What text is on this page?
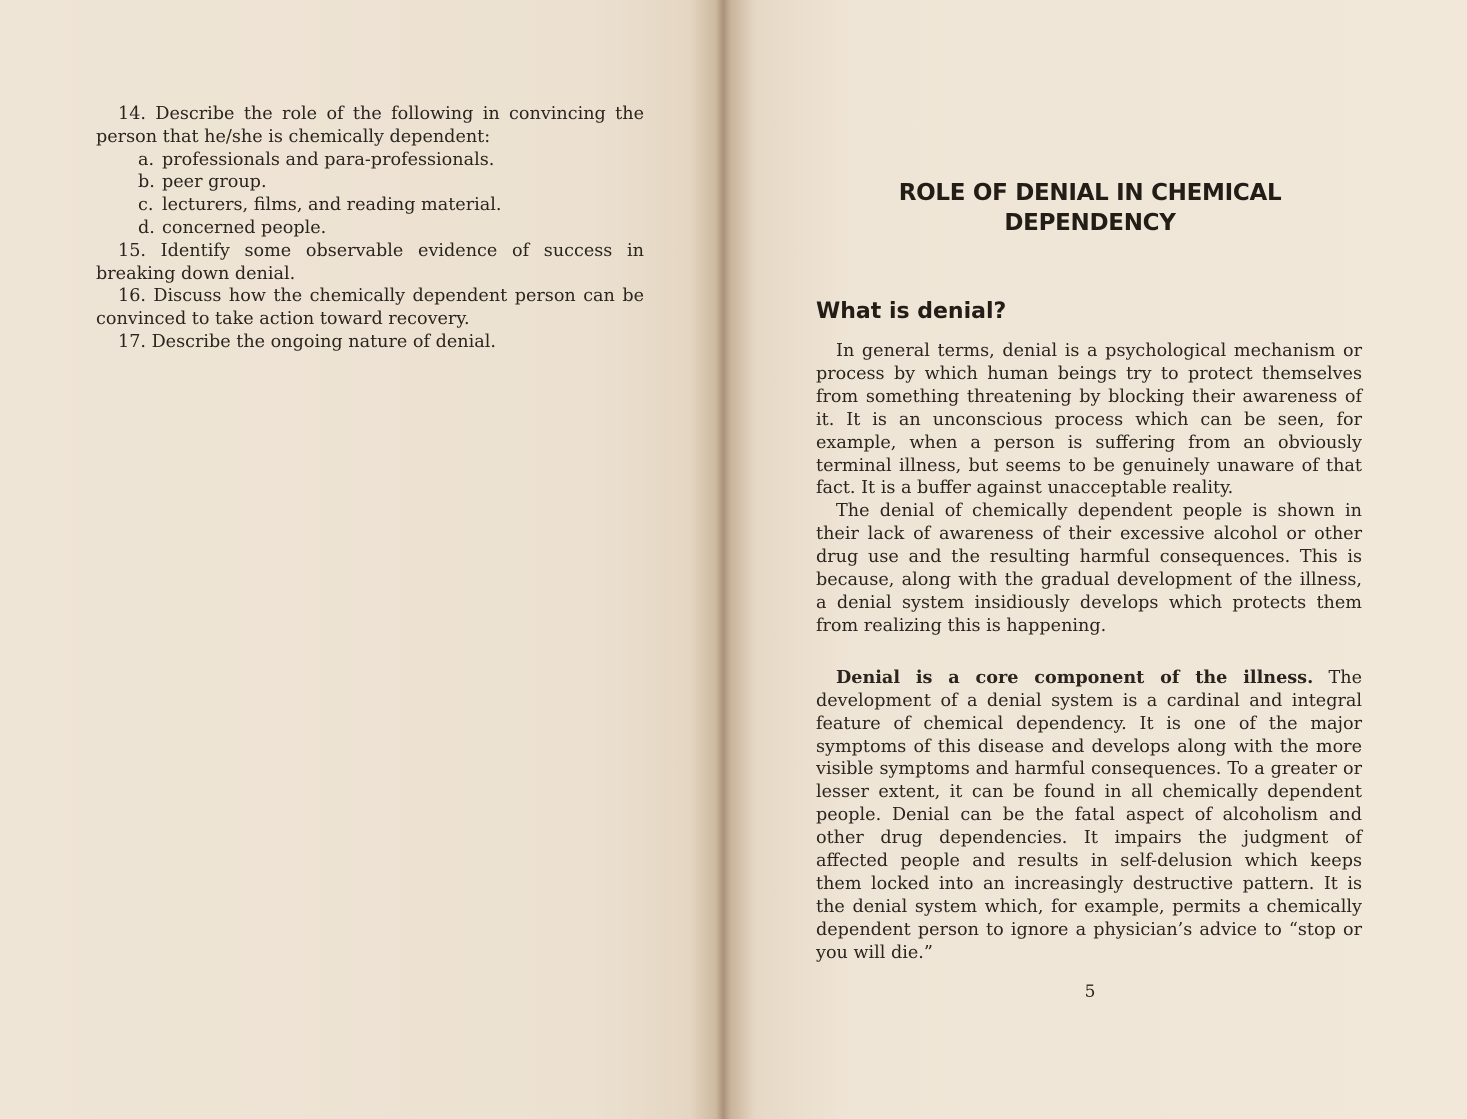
14. Describe the role of the following in convincing the person that he/she is chemically dependent:

a. professionals and para-professionals.

b. peer group.

c. lecturers, films, and reading material.

d. concerned people.

15. Identify some observable evidence of success in breaking down denial.

16. Discuss how the chemically dependent person can be convinced to take action toward recovery.

17. Describe the ongoing nature of denial.

ROLE OF DENIAL IN CHEMICAL DEPENDENCY
What is denial?

In general terms, denial is a psychological mechanism or process by which human beings try to protect themselves from something threatening by blocking their awareness of it. It is an unconscious process which can be seen, for example, when a person is suffering from an obviously terminal illness, but seems to be genuinely unaware of that fact. It is a buffer against unacceptable reality.

The denial of chemically dependent people is shown in their lack of awareness of their excessive alcohol or other drug use and the resulting harmful consequences. This is because, along with the gradual development of the illness, a denial system insidiously develops which protects them from realizing this is happening.

Denial is a core component of the illness. The development of a denial system is a cardinal and integral feature of chemical dependency. It is one of the major symptoms of this disease and develops along with the more visible symptoms and harmful consequences. To a greater or lesser extent, it can be found in all chemically dependent people. Denial can be the fatal aspect of alcoholism and other drug dependencies. It impairs the judgment of affected people and results in self-delusion which keeps them locked into an increasingly destructive pattern. It is the denial system which, for example, permits a chemically dependent person to ignore a physician’s advice to “stop or you will die.”

5
